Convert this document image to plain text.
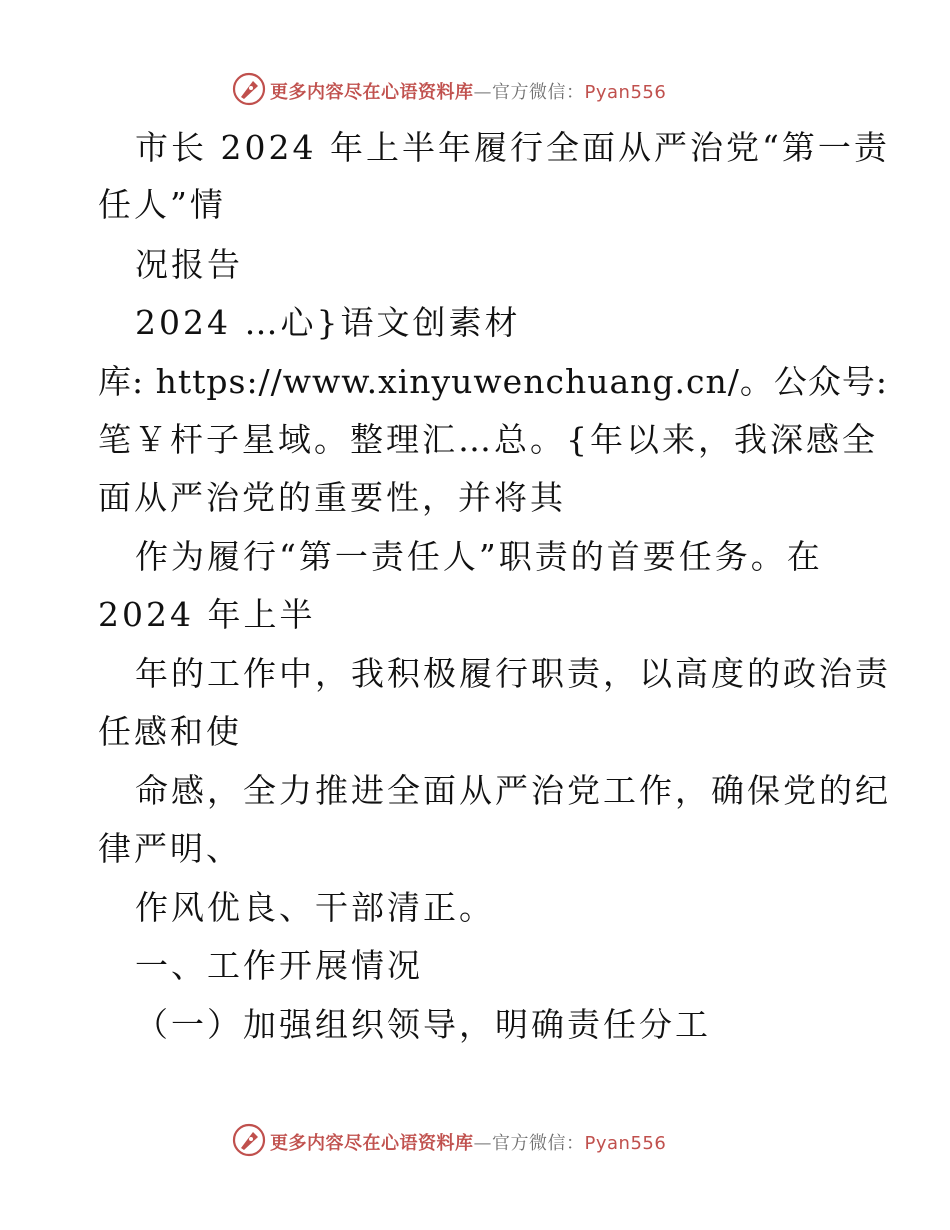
更多内容尽在心语资料库—官方微信：Pyan556
市长 2024 年上半年履行全面从严治党“第一责
任人”情
况报告
2024 …心}语文创素材
库: https://www.xinyuwenchuang.cn/。公众号:
笔￥杆子星域。整理汇…总。{年以来，我深感全
面从严治党的重要性，并将其
作为履行“第一责任人”职责的首要任务。在
2024 年上半
年的工作中，我积极履行职责，以高度的政治责
任感和使
命感，全力推进全面从严治党工作，确保党的纪
律严明、
作风优良、干部清正。
一、工作开展情况
（一）加强组织领导，明确责任分工
更多内容尽在心语资料库—官方微信：Pyan556
